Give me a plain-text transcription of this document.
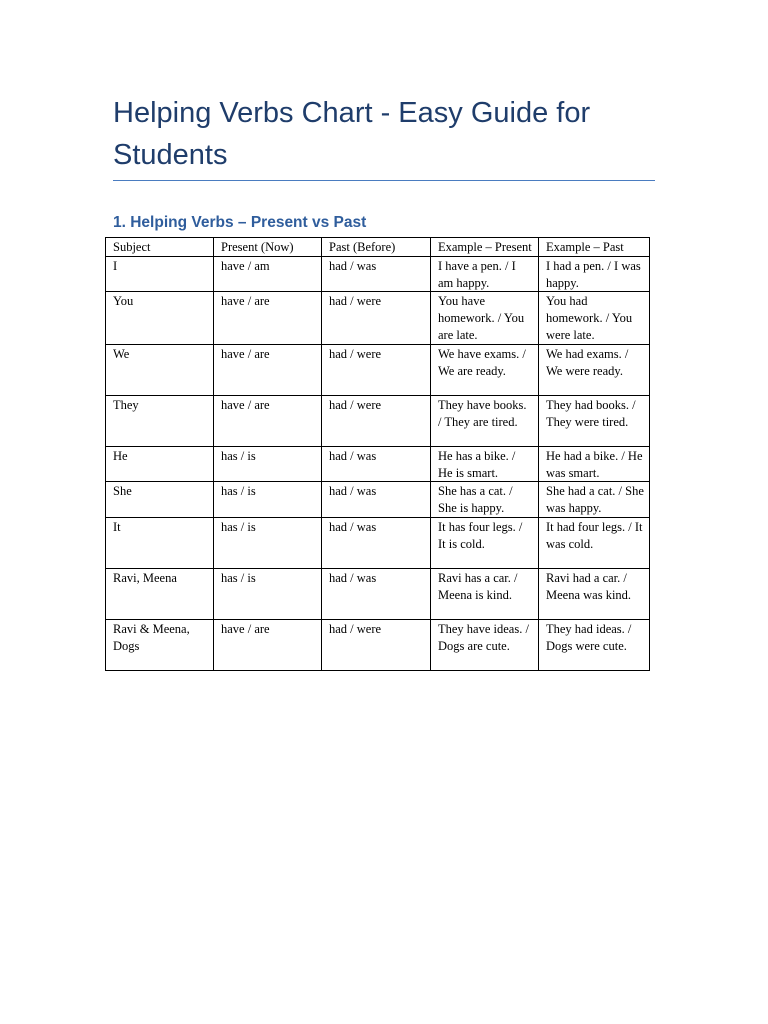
Helping Verbs Chart - Easy Guide for Students
1. Helping Verbs – Present vs Past
Subject	Present (Now)	Past (Before)	Example – Present	Example – Past
I	have / am	had / was	I have a pen. / I am happy.	I had a pen. / I was happy.
You	have / are	had / were	You have homework. / You are late.	You had homework. / You were late.
We	have / are	had / were	We have exams. / We are ready.	We had exams. / We were ready.
They	have / are	had / were	They have books. / They are tired.	They had books. / They were tired.
He	has / is	had / was	He has a bike. / He is smart.	He had a bike. / He was smart.
She	has / is	had / was	She has a cat. / She is happy.	She had a cat. / She was happy.
It	has / is	had / was	It has four legs. / It is cold.	It had four legs. / It was cold.
Ravi, Meena	has / is	had / was	Ravi has a car. / Meena is kind.	Ravi had a car. / Meena was kind.
Ravi & Meena, Dogs	have / are	had / were	They have ideas. / Dogs are cute.	They had ideas. / Dogs were cute.
